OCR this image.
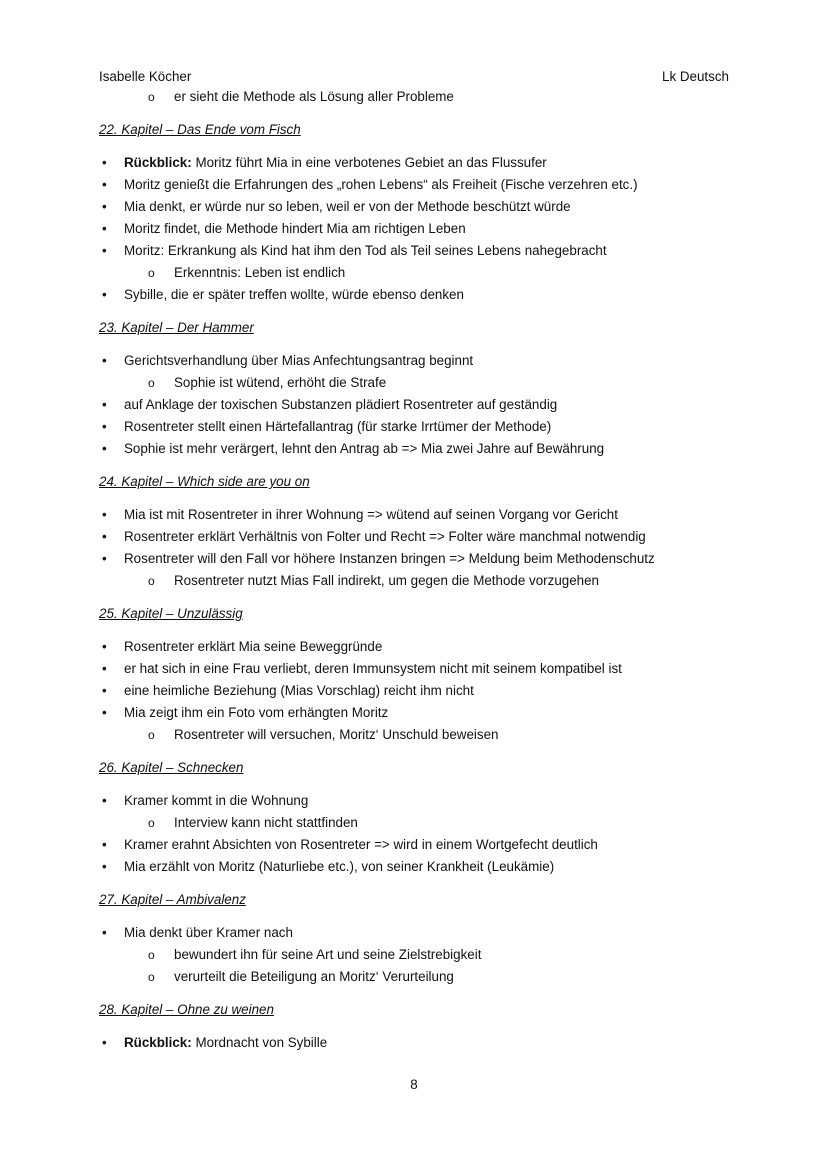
Isabelle Köcher	Lk Deutsch
o er sieht die Methode als Lösung aller Probleme
22. Kapitel – Das Ende vom Fisch
• Rückblick: Moritz führt Mia in eine verbotenes Gebiet an das Flussufer
• Moritz genießt die Erfahrungen des „rohen Lebens“ als Freiheit (Fische verzehren etc.)
• Mia denkt, er würde nur so leben, weil er von der Methode beschützt würde
• Moritz findet, die Methode hindert Mia am richtigen Leben
• Moritz: Erkrankung als Kind hat ihm den Tod als Teil seines Lebens nahegebracht
o Erkenntnis: Leben ist endlich
• Sybille, die er später treffen wollte, würde ebenso denken
23. Kapitel – Der Hammer
• Gerichtsverhandlung über Mias Anfechtungsantrag beginnt
o Sophie ist wütend, erhöht die Strafe
• auf Anklage der toxischen Substanzen plädiert Rosentreter auf geständig
• Rosentreter stellt einen Härtefallantrag (für starke Irrtümer der Methode)
• Sophie ist mehr verärgert, lehnt den Antrag ab => Mia zwei Jahre auf Bewährung
24. Kapitel – Which side are you on
• Mia ist mit Rosentreter in ihrer Wohnung => wütend auf seinen Vorgang vor Gericht
• Rosentreter erklärt Verhältnis von Folter und Recht => Folter wäre manchmal notwendig
• Rosentreter will den Fall vor höhere Instanzen bringen => Meldung beim Methodenschutz
o Rosentreter nutzt Mias Fall indirekt, um gegen die Methode vorzugehen
25. Kapitel – Unzulässig
• Rosentreter erklärt Mia seine Beweggründe
• er hat sich in eine Frau verliebt, deren Immunsystem nicht mit seinem kompatibel ist
• eine heimliche Beziehung (Mias Vorschlag) reicht ihm nicht
• Mia zeigt ihm ein Foto vom erhängten Moritz
o Rosentreter will versuchen, Moritz‘ Unschuld beweisen
26. Kapitel – Schnecken
• Kramer kommt in die Wohnung
o Interview kann nicht stattfinden
• Kramer erahnt Absichten von Rosentreter => wird in einem Wortgefecht deutlich
• Mia erzählt von Moritz (Naturliebe etc.), von seiner Krankheit (Leukämie)
27. Kapitel – Ambivalenz
• Mia denkt über Kramer nach
o bewundert ihn für seine Art und seine Zielstrebigkeit
o verurteilt die Beteiligung an Moritz‘ Verurteilung
28. Kapitel – Ohne zu weinen
• Rückblick: Mordnacht von Sybille
8
